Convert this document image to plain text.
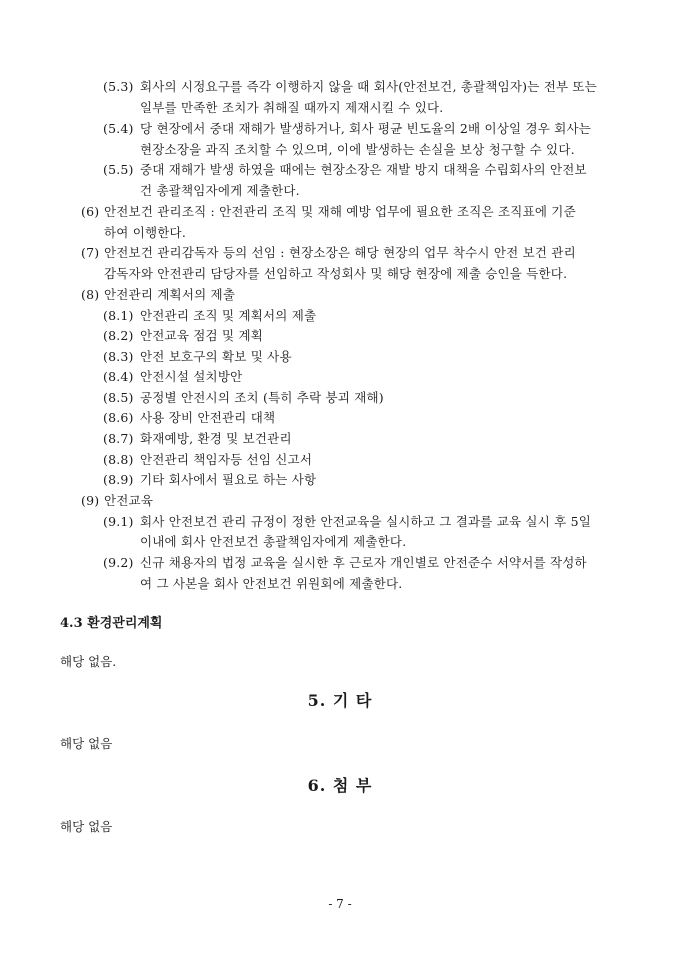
(5.3) 회사의 시정요구를 즉각 이행하지 않을 때 회사(안전보건, 총괄책임자)는 전부 또는
일부를 만족한 조치가 취해질 때까지 제재시킬 수 있다.
(5.4) 당 현장에서 중대 재해가 발생하거나, 회사 평균 빈도율의 2배 이상일 경우 회사는
현장소장을 과직 조치할 수 있으며, 이에 발생하는 손실을 보상 청구할 수 있다.
(5.5) 중대 재해가 발생 하였을 때에는 현장소장은 재발 방지 대책을 수립회사의 안전보
건 총괄책임자에게 제출한다.
(6) 안전보건 관리조직 : 안전관리 조직 및 재해 예방 업무에 필요한 조직은 조직표에 기준
하여 이행한다.
(7) 안전보건 관리감독자 등의 선임 : 현장소장은 해당 현장의 업무 착수시 안전 보건 관리
감독자와 안전관리 담당자를 선임하고 작성회사 및 해당 현장에 제출 승인을 득한다.
(8) 안전관리 계획서의 제출
(8.1) 안전관리 조직 및 계획서의 제출
(8.2) 안전교육 점검 및 계획
(8.3) 안전 보호구의 확보 및 사용
(8.4) 안전시설 설치방안
(8.5) 공정별 안전시의 조치 (특히 추락 붕괴 재해)
(8.6) 사용 장비 안전관리 대책
(8.7) 화재예방, 환경 및 보건관리
(8.8) 안전관리 책임자등 선임 신고서
(8.9) 기타 회사에서 필요로 하는 사항
(9) 안전교육
(9.1) 회사 안전보건 관리 규정이 정한 안전교육을 실시하고 그 결과를 교육 실시 후 5일
이내에 회사 안전보건 총괄책임자에게 제출한다.
(9.2) 신규 채용자의 법정 교육을 실시한 후 근로자 개인별로 안전준수 서약서를 작성하
여 그 사본을 회사 안전보건 위원회에 제출한다.
4.3 환경관리계획
해당 없음.
5. 기 타
해당 없음
6. 첨 부
해당 없음
- 7 -
